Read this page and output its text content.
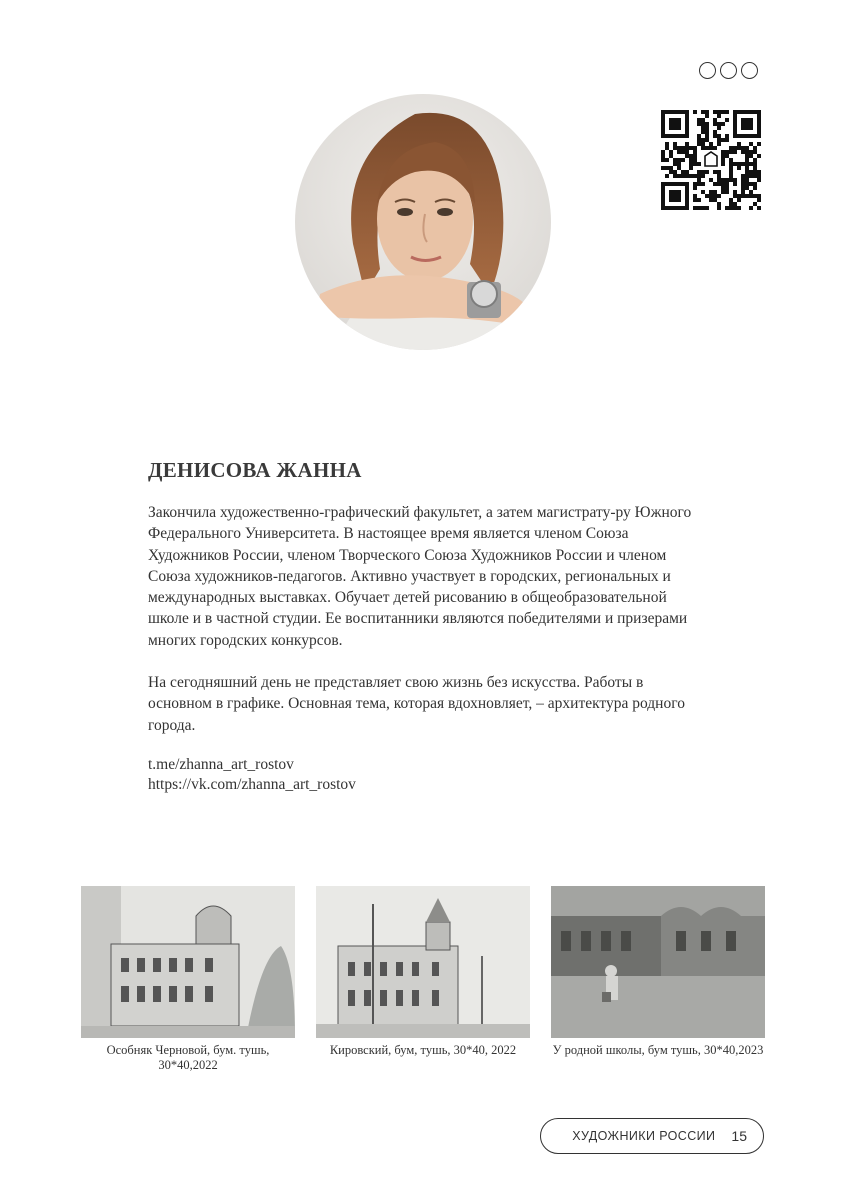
ДЕНИСОВА ЖАННА

Закончила художественно-графический факультет, а затем магистрату-ру Южного Федерального Университета. В настоящее время является членом Союза Художников России, членом Творческого Союза Художников России и членом Союза художников-педагогов. Активно участвует в городских, региональных и международных выставках. Обучает детей рисованию в общеобразовательной школе и в частной студии. Ее воспитанники являются победителями и призерами многих городских конкурсов.

На сегодняшний день не представляет свою жизнь без искусства. Работы в основном в графике. Основная тема, которая вдохновляет, – архитектура родного города.

t.me/zhanna_art_rostov
https://vk.com/zhanna_art_rostov
Особняк Черновой, бум. тушь, 30*40,2022
Кировский, бум, тушь, 30*40, 2022	У родной школы, бум тушь, 30*40,2023
ХУДОЖНИКИ РОССИИ 15
